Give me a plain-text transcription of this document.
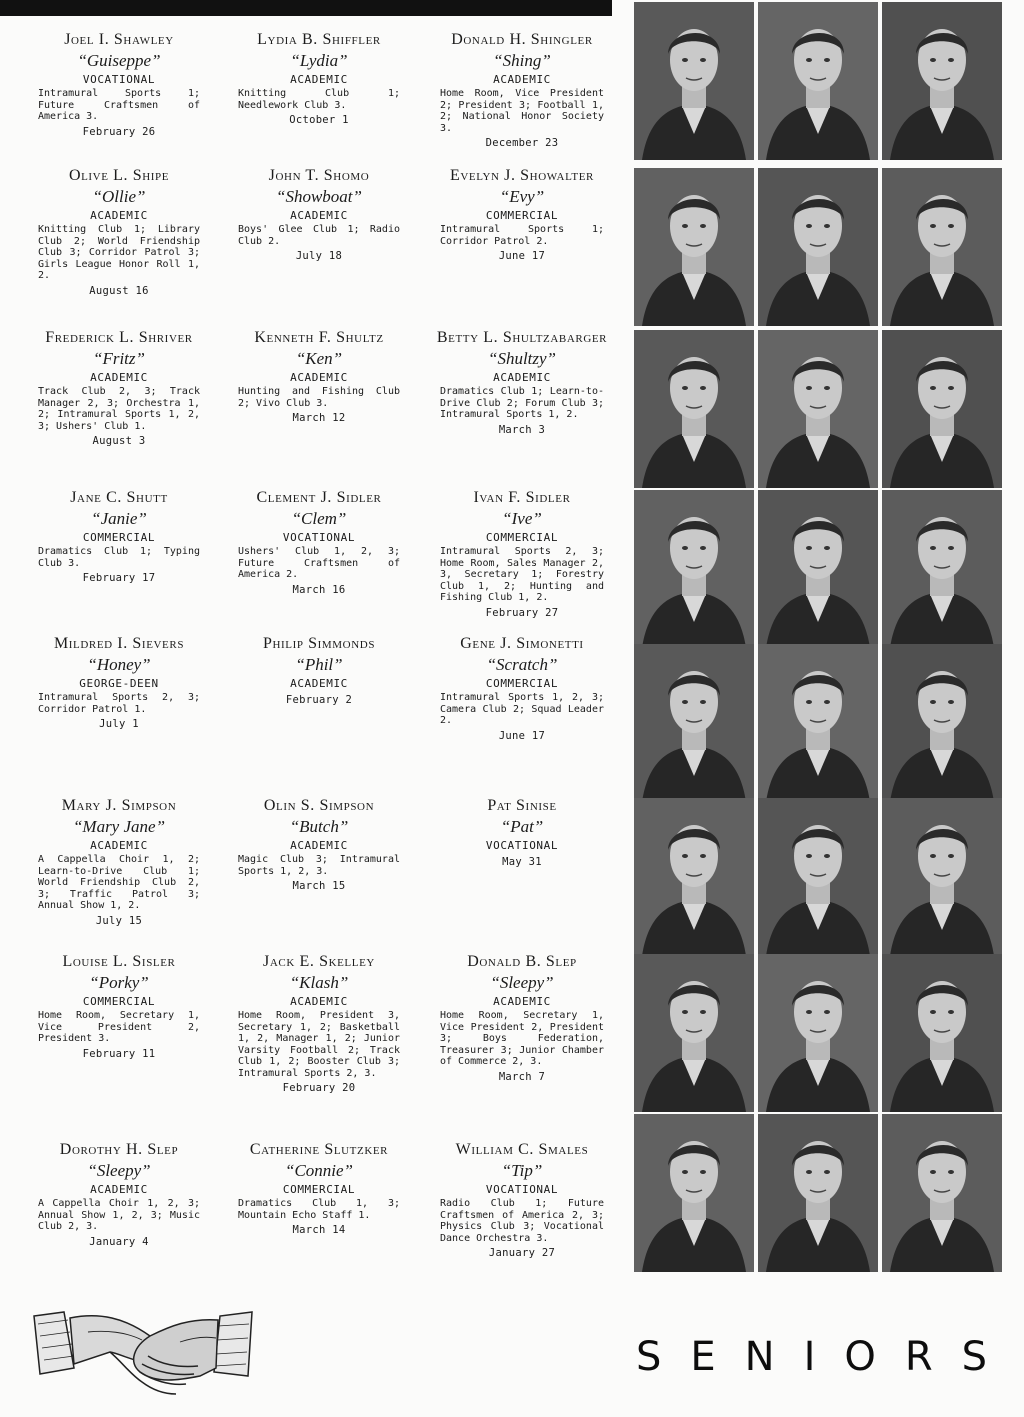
Joel I. Shawley
“Guiseppe”
VOCATIONAL
Intramural Sports 1; Future Craftsmen of America 3.
February 26
Lydia B. Shiffler
“Lydia”
ACADEMIC
Knitting Club 1; Needlework Club 3.
October 1
Donald H. Shingler
“Shing”
ACADEMIC
Home Room, Vice President 2; President 3; Football 1, 2; National Honor Society 3.
December 23
Olive L. Shipe
“Ollie”
ACADEMIC
Knitting Club 1; Library Club 2; World Friendship Club 3; Corridor Patrol 3; Girls League Honor Roll 1, 2.
August 16
John T. Shomo
“Showboat”
ACADEMIC
Boys' Glee Club 1; Radio Club 2.
July 18
Evelyn J. Showalter
“Evy”
COMMERCIAL
Intramural Sports 1; Corridor Patrol 2.
June 17
Frederick L. Shriver
“Fritz”
ACADEMIC
Track Club 2, 3; Track Manager 2, 3; Orchestra 1, 2; Intramural Sports 1, 2, 3; Ushers' Club 1.
August 3
Kenneth F. Shultz
“Ken”
ACADEMIC
Hunting and Fishing Club 2; Vivo Club 3.
March 12
Betty L. Shultzabarger
“Shultzy”
ACADEMIC
Dramatics Club 1; Learn-to-Drive Club 2; Forum Club 3; Intramural Sports 1, 2.
March 3
Jane C. Shutt
“Janie”
COMMERCIAL
Dramatics Club 1; Typing Club 3.
February 17
Clement J. Sidler
“Clem”
VOCATIONAL
Ushers' Club 1, 2, 3; Future Craftsmen of America 2.
March 16
Ivan F. Sidler
“Ive”
COMMERCIAL
Intramural Sports 2, 3; Home Room, Sales Manager 2, 3, Secretary 1; Forestry Club 1, 2; Hunting and Fishing Club 1, 2.
February 27
Mildred I. Sievers
“Honey”
GEORGE-DEEN
Intramural Sports 2, 3; Corridor Patrol 1.
July 1
Philip Simmonds
“Phil”
ACADEMIC
February 2
Gene J. Simonetti
“Scratch”
COMMERCIAL
Intramural Sports 1, 2, 3; Camera Club 2; Squad Leader 2.
June 17
Mary J. Simpson
“Mary Jane”
ACADEMIC
A Cappella Choir 1, 2; Learn-to-Drive Club 1; World Friendship Club 2, 3; Traffic Patrol 3; Annual Show 1, 2.
July 15
Olin S. Simpson
“Butch”
ACADEMIC
Magic Club 3; Intramural Sports 1, 2, 3.
March 15
Pat Sinise
“Pat”
VOCATIONAL
May 31
Louise L. Sisler
“Porky”
COMMERCIAL
Home Room, Secretary 1, Vice President 2, President 3.
February 11
Jack E. Skelley
“Klash”
ACADEMIC
Home Room, President 3, Secretary 1, 2; Basketball 1, 2, Manager 1, 2; Junior Varsity Football 2; Track Club 1, 2; Booster Club 3; Intramural Sports 2, 3.
February 20
Donald B. Slep
“Sleepy”
ACADEMIC
Home Room, Secretary 1, Vice President 2, President 3; Boys Federation, Treasurer 3; Junior Chamber of Commerce 2, 3.
March 7
Dorothy H. Slep
“Sleepy”
ACADEMIC
A Cappella Choir 1, 2, 3; Annual Show 1, 2, 3; Music Club 2, 3.
January 4
Catherine Slutzker
“Connie”
COMMERCIAL
Dramatics Club 1, 3; Mountain Echo Staff 1.
March 14
William C. Smales
“Tip”
VOCATIONAL
Radio Club 1; Future Craftsmen of America 2, 3; Physics Club 3; Vocational Dance Orchestra 3.
January 27
SENIORS
